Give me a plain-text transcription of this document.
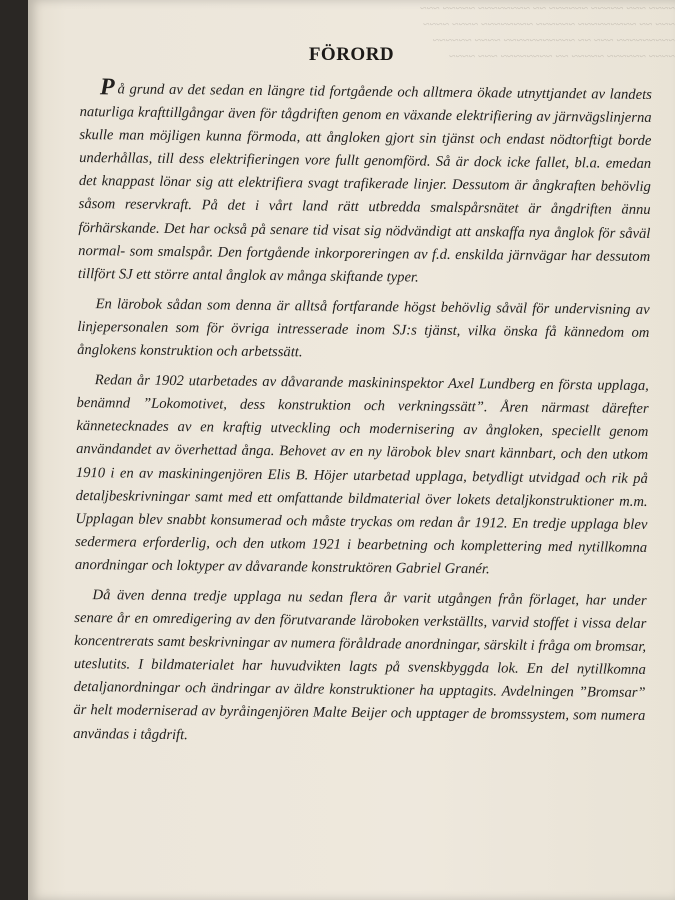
~~~~ ~~~ ~~~~~ ~~~~~~ ~~ ~~~~~~~~ ~~~~~ ~~~
~~~ ~~ ~~~~~~~~~ ~~~~~~ ~~~~~~~~ ~~~~ ~~~~
~~~~~~~~~ ~~~ ~~ ~~~~~~~~~~~ ~~~~ ~~~~~~
~~~~ ~~~~~~ ~~~~~ ~~ ~~~~~~~~ ~~~ ~~~~
FÖRORD

På grund av det sedan en längre tid fortgående och alltmera ökade utnyttjandet av landets naturliga krafttillgångar även för tågdriften genom en växande elektrifiering av järnvägslinjerna skulle man möjligen kunna förmoda, att ångloken gjort sin tjänst och endast nödtorftigt borde underhållas, till dess elektrifieringen vore fullt genomförd. Så är dock icke fallet, bl.a. emedan det knappast lönar sig att elektrifiera svagt trafikerade linjer. Dessutom är ångkraften behövlig såsom reservkraft. På det i vårt land rätt utbredda smalspårsnätet är ångdriften ännu förhärskande. Det har också på senare tid visat sig nödvändigt att anskaffa nya ånglok för såväl normal- som smalspår. Den fortgående inkorporeringen av f.d. enskilda järnvägar har dessutom tillfört SJ ett större antal ånglok av många skiftande typer.

En lärobok sådan som denna är alltså fortfarande högst behövlig såväl för undervisning av linjepersonalen som för övriga intresserade inom SJ:s tjänst, vilka önska få kännedom om ånglokens konstruktion och arbetssätt.

Redan år 1902 utarbetades av dåvarande maskininspektor Axel Lundberg en första upplaga, benämnd ”Lokomotivet, dess konstruktion och verkningssätt”. Åren närmast därefter kännetecknades av en kraftig utveckling och modernisering av ångloken, speciellt genom användandet av överhettad ånga. Behovet av en ny lärobok blev snart kännbart, och den utkom 1910 i en av maskiningenjören Elis B. Höjer utarbetad upplaga, betydligt utvidgad och rik på detaljbeskrivningar samt med ett omfattande bildmaterial över lokets detaljkonstruktioner m.m. Upplagan blev snabbt konsumerad och måste tryckas om redan år 1912. En tredje upplaga blev sedermera erforderlig, och den utkom 1921 i bearbetning och komplettering med nytillkomna anordningar och loktyper av dåvarande konstruktören Gabriel Granér.

Då även denna tredje upplaga nu sedan flera år varit utgången från förlaget, har under senare år en omredigering av den förutvarande läroboken verkställts, varvid stoffet i vissa delar koncentrerats samt beskrivningar av numera föråldrade anordningar, särskilt i fråga om bromsar, uteslutits. I bildmaterialet har huvudvikten lagts på svenskbyggda lok. En del nytillkomna detaljanordningar och ändringar av äldre konstruktioner ha upptagits. Avdelningen ”Bromsar” är helt moderniserad av byråingenjören Malte Beijer och upptager de bromssystem, som numera användas i tågdrift.
